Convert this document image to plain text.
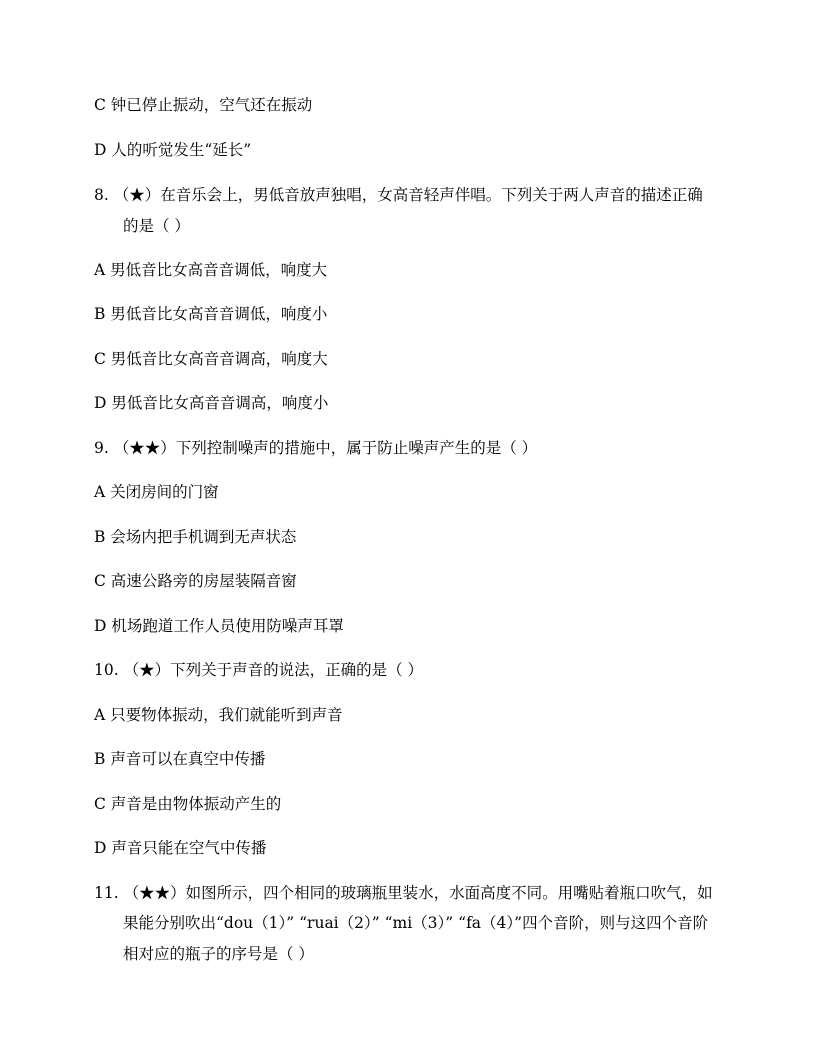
C 钟已停止振动，空气还在振动
D 人的听觉发生“延长”
8. （★）在音乐会上，男低音放声独唱，女高音轻声伴唱。下列关于两人声音的描述正确
的是（ ）
A 男低音比女高音音调低，响度大
B 男低音比女高音音调低，响度小
C 男低音比女高音音调高，响度大
D 男低音比女高音音调高，响度小
9. （★★）下列控制噪声的措施中，属于防止噪声产生的是（ ）
A 关闭房间的门窗
B 会场内把手机调到无声状态
C 高速公路旁的房屋装隔音窗
D 机场跑道工作人员使用防噪声耳罩
10. （★）下列关于声音的说法，正确的是（ ）
A 只要物体振动，我们就能听到声音
B 声音可以在真空中传播
C 声音是由物体振动产生的
D 声音只能在空气中传播
11. （★★）如图所示，四个相同的玻璃瓶里装水，水面高度不同。用嘴贴着瓶口吹气，如
果能分别吹出“dou（1）” “ruai（2）” “mi（3）” “fa（4）”四个音阶，则与这四个音阶
相对应的瓶子的序号是（ ）
